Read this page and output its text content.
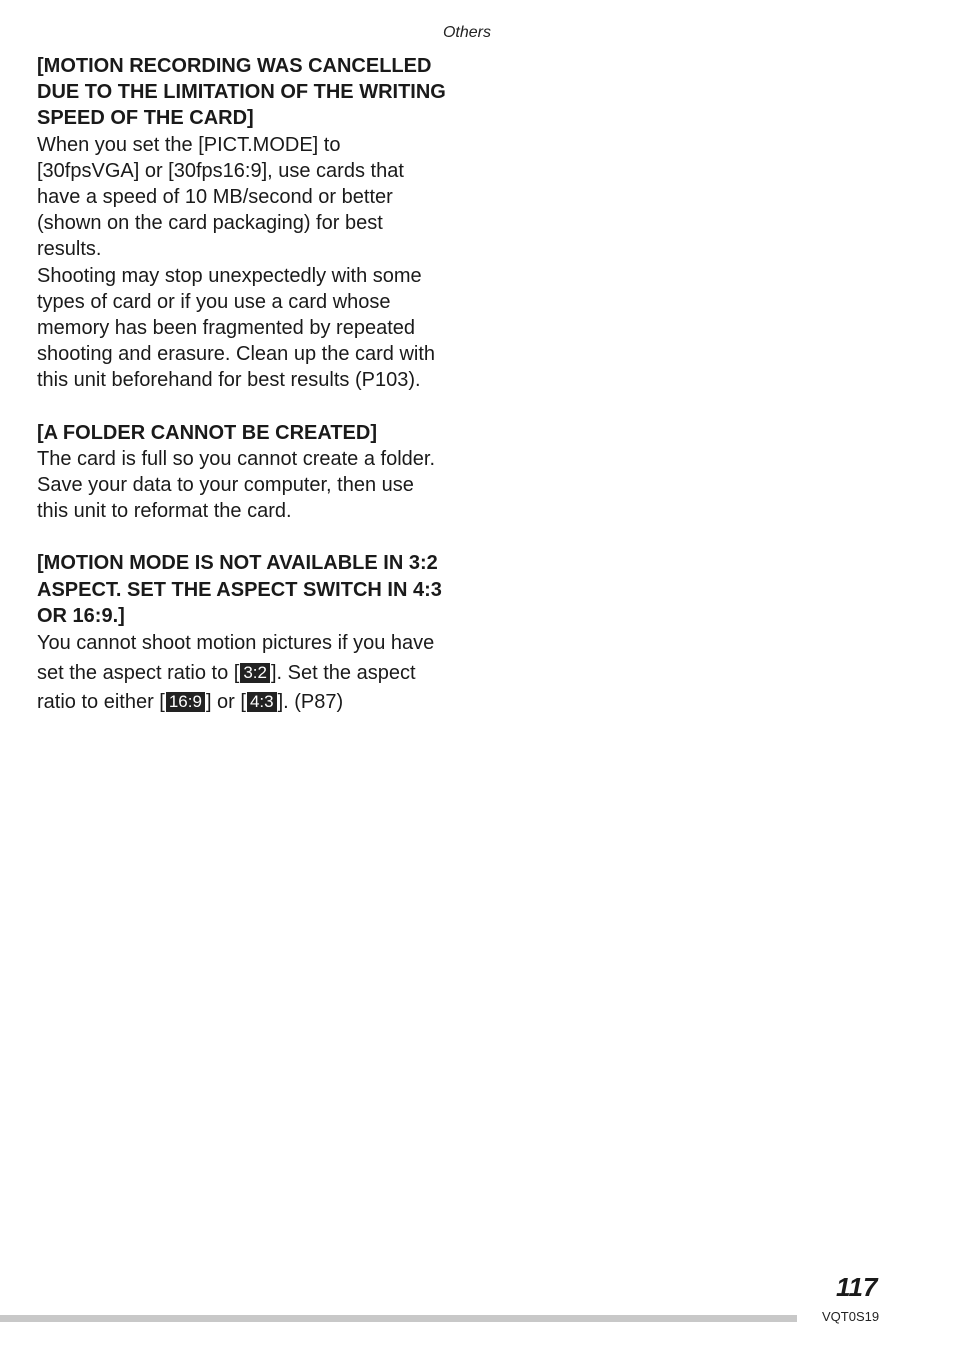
Others
[MOTION RECORDING WAS CANCELLED DUE TO THE LIMITATION OF THE WRITING SPEED OF THE CARD]

When you set the [PICT.MODE] to [30fpsVGA] or [30fps16:9], use cards that have a speed of 10 MB/second or better (shown on the card packaging) for best results.

Shooting may stop unexpectedly with some types of card or if you use a card whose memory has been fragmented by repeated shooting and erasure. Clean up the card with this unit beforehand for best results (P103).

[A FOLDER CANNOT BE CREATED]

The card is full so you cannot create a folder.

Save your data to your computer, then use this unit to reformat the card.

[MOTION MODE IS NOT AVAILABLE IN 3:2 ASPECT. SET THE ASPECT SWITCH IN 4:3 OR 16:9.]

You cannot shoot motion pictures if you have set the aspect ratio to [ 3:2 ]. Set the aspect ratio to either [ 16:9 ] or [ 4:3 ]. (P87)

117
VQT0S19
